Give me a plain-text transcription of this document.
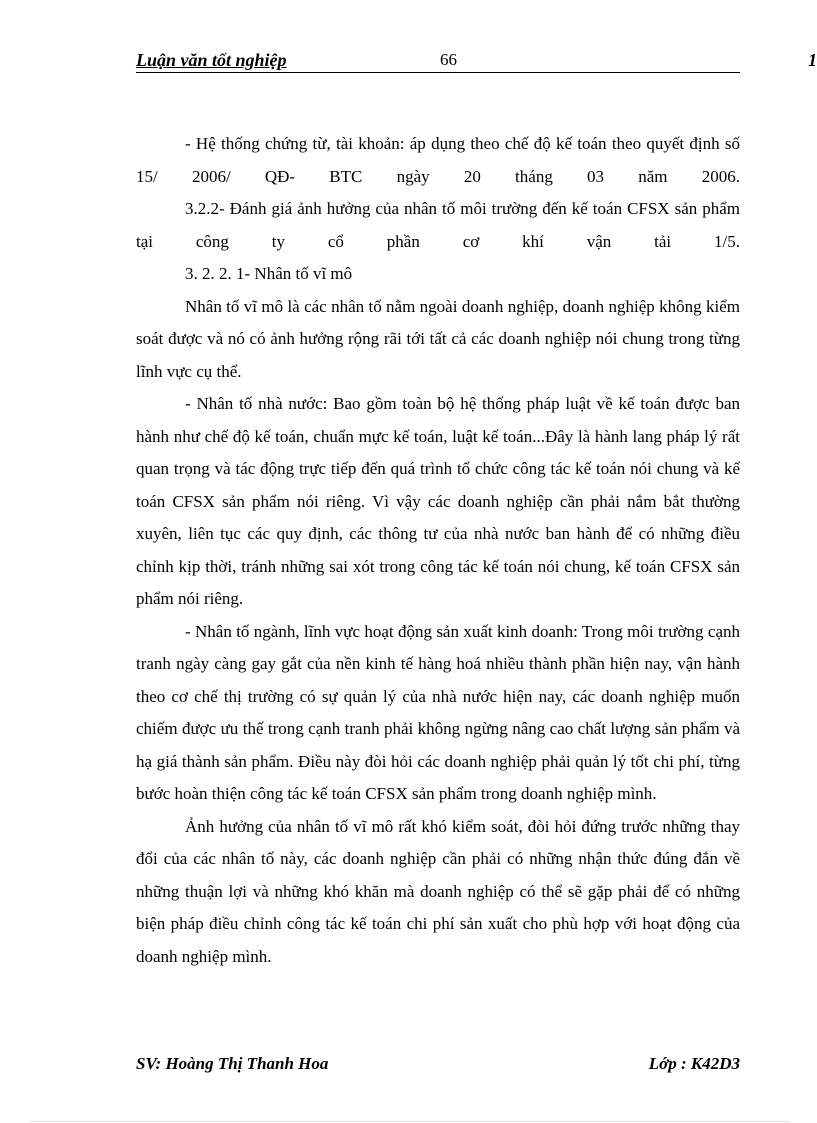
Luận văn tốt nghiệp	66	1

- Hệ thống chứng từ, tài khoản: áp dụng theo chế độ kế toán theo quyết định số 15/ 2006/ QĐ- BTC ngày 20 tháng 03 năm 2006.

3.2.2- Đánh giá ảnh hưởng của nhân tố môi trường đến kế toán CFSX sản phẩm tại công ty cổ phần cơ khí vận tải 1/5.

3. 2. 2. 1- Nhân tố vĩ mô

Nhân tố vĩ mô là các nhân tố nằm ngoài doanh nghiệp, doanh nghiệp không kiểm soát được và nó có ảnh hưởng rộng rãi tới tất cả các doanh nghiệp nói chung trong từng lĩnh vực cụ thể.

- Nhân tố nhà nước: Bao gồm toàn bộ hệ thống pháp luật về kế toán được ban hành như chế độ kế toán, chuẩn mực kế toán, luật kế toán...Đây là hành lang pháp lý rất quan trọng và tác động trực tiếp đến quá trình tổ chức công tác kế toán nói chung và kế toán CFSX sản phẩm nói riêng. Vì vậy các doanh nghiệp cần phải nắm bắt thường xuyên, liên tục các quy định, các thông tư của nhà nước ban hành để có những điều chỉnh kịp thời, tránh những sai xót trong công tác kế toán nói chung, kế toán CFSX sản phẩm nói riêng.

- Nhân tố ngành, lĩnh vực hoạt động sản xuất kinh doanh: Trong môi trường cạnh tranh ngày càng gay gắt của nền kinh tế hàng hoá nhiều thành phần hiện nay, vận hành theo cơ chế thị trường có sự quản lý của nhà nước hiện nay, các doanh nghiệp muốn chiếm được ưu thế trong cạnh tranh phải không ngừng nâng cao chất lượng sản phẩm và hạ giá thành sản phẩm. Điều này đòi hỏi các doanh nghiệp phải quản lý tốt chi phí, từng bước hoàn thiện công tác kế toán CFSX sản phẩm trong doanh nghiệp mình.

Ảnh hưởng của nhân tố vĩ mô rất khó kiểm soát, đòi hỏi đứng trước những thay đổi của các nhân tố này, các doanh nghiệp cần phải có những nhận thức đúng đắn về những thuận lợi và những khó khăn mà doanh nghiệp có thể sẽ gặp phải để có những biện pháp điều chỉnh công tác kế toán chi phí sản xuất cho phù hợp với hoạt động của doanh nghiệp mình.

SV: Hoàng Thị Thanh Hoa	Lớp : K42D3
